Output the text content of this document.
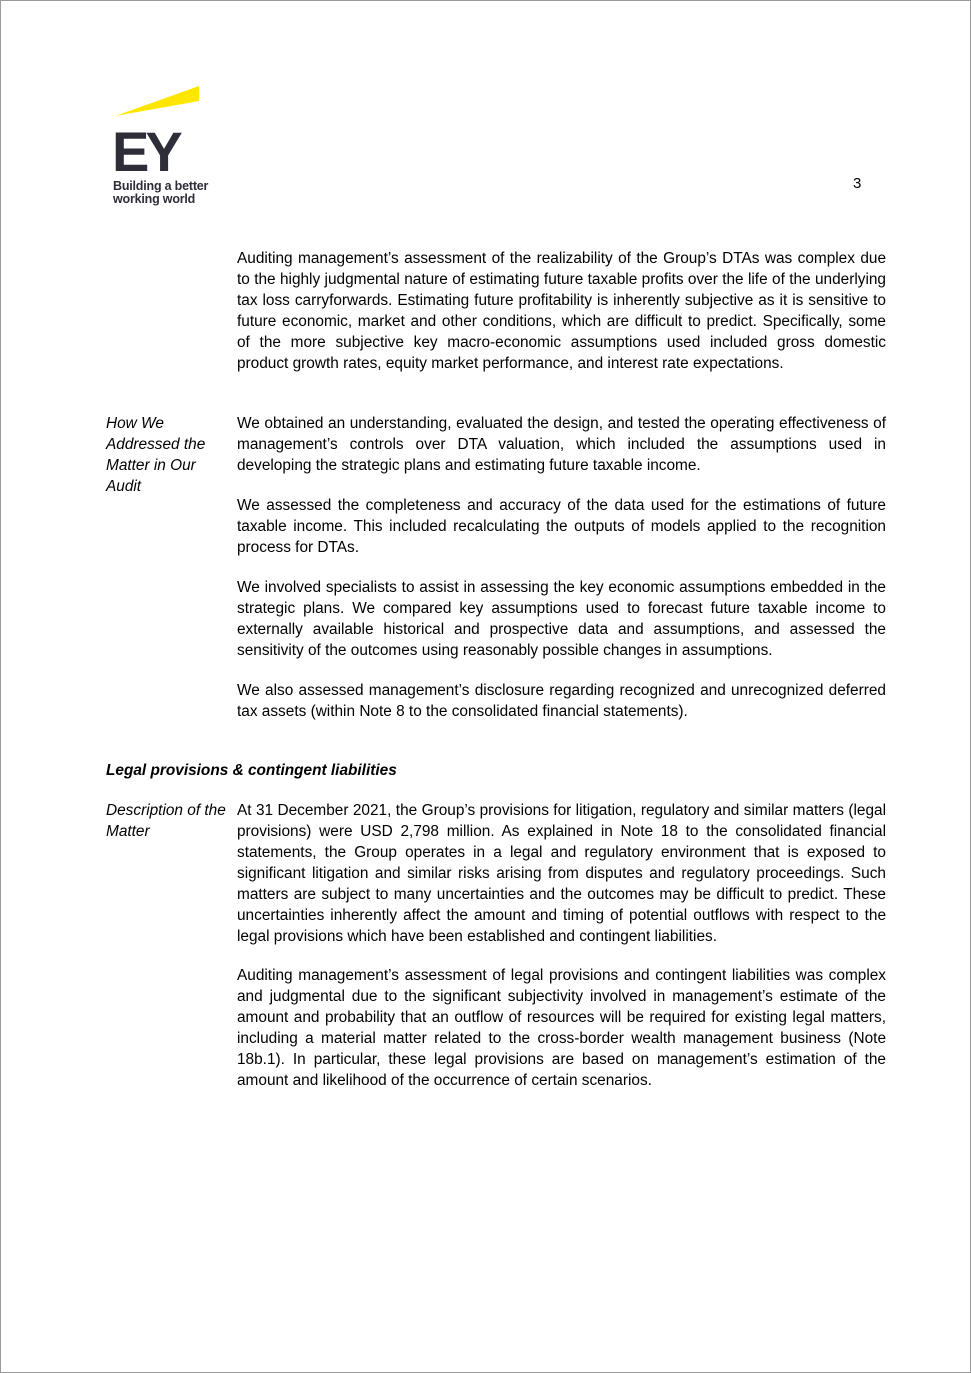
EY
Building a better
working world
3

Auditing management’s assessment of the realizability of the Group’s DTAs was complex due to the highly judgmental nature of estimating future taxable profits over the life of the underlying tax loss carryforwards. Estimating future profitability is inherently subjective as it is sensitive to future economic, market and other conditions, which are difficult to predict. Specifically, some of the more subjective key macro-economic assumptions used included gross domestic product growth rates, equity market performance, and interest rate expectations.

How We Addressed the Matter in Our Audit

We obtained an understanding, evaluated the design, and tested the operating effectiveness of management’s controls over DTA valuation, which included the assumptions used in developing the strategic plans and estimating future taxable income.

We assessed the completeness and accuracy of the data used for the estimations of future taxable income. This included recalculating the outputs of models applied to the recognition process for DTAs.

We involved specialists to assist in assessing the key economic assumptions embedded in the strategic plans. We compared key assumptions used to forecast future taxable income to externally available historical and prospective data and assumptions, and assessed the sensitivity of the outcomes using reasonably possible changes in assumptions.

We also assessed management’s disclosure regarding recognized and unrecognized deferred tax assets (within Note 8 to the consolidated financial statements).

Legal provisions & contingent liabilities

Description of the Matter

At 31 December 2021, the Group’s provisions for litigation, regulatory and similar matters (legal provisions) were USD 2,798 million. As explained in Note 18 to the consolidated financial statements, the Group operates in a legal and regulatory environment that is exposed to significant litigation and similar risks arising from disputes and regulatory proceedings. Such matters are subject to many uncertainties and the outcomes may be difficult to predict. These uncertainties inherently affect the amount and timing of potential outflows with respect to the legal provisions which have been established and contingent liabilities.

Auditing management’s assessment of legal provisions and contingent liabilities was complex and judgmental due to the significant subjectivity involved in management’s estimate of the amount and probability that an outflow of resources will be required for existing legal matters, including a material matter related to the cross-border wealth management business (Note 18b.1). In particular, these legal provisions are based on management’s estimation of the amount and likelihood of the occurrence of certain scenarios.
